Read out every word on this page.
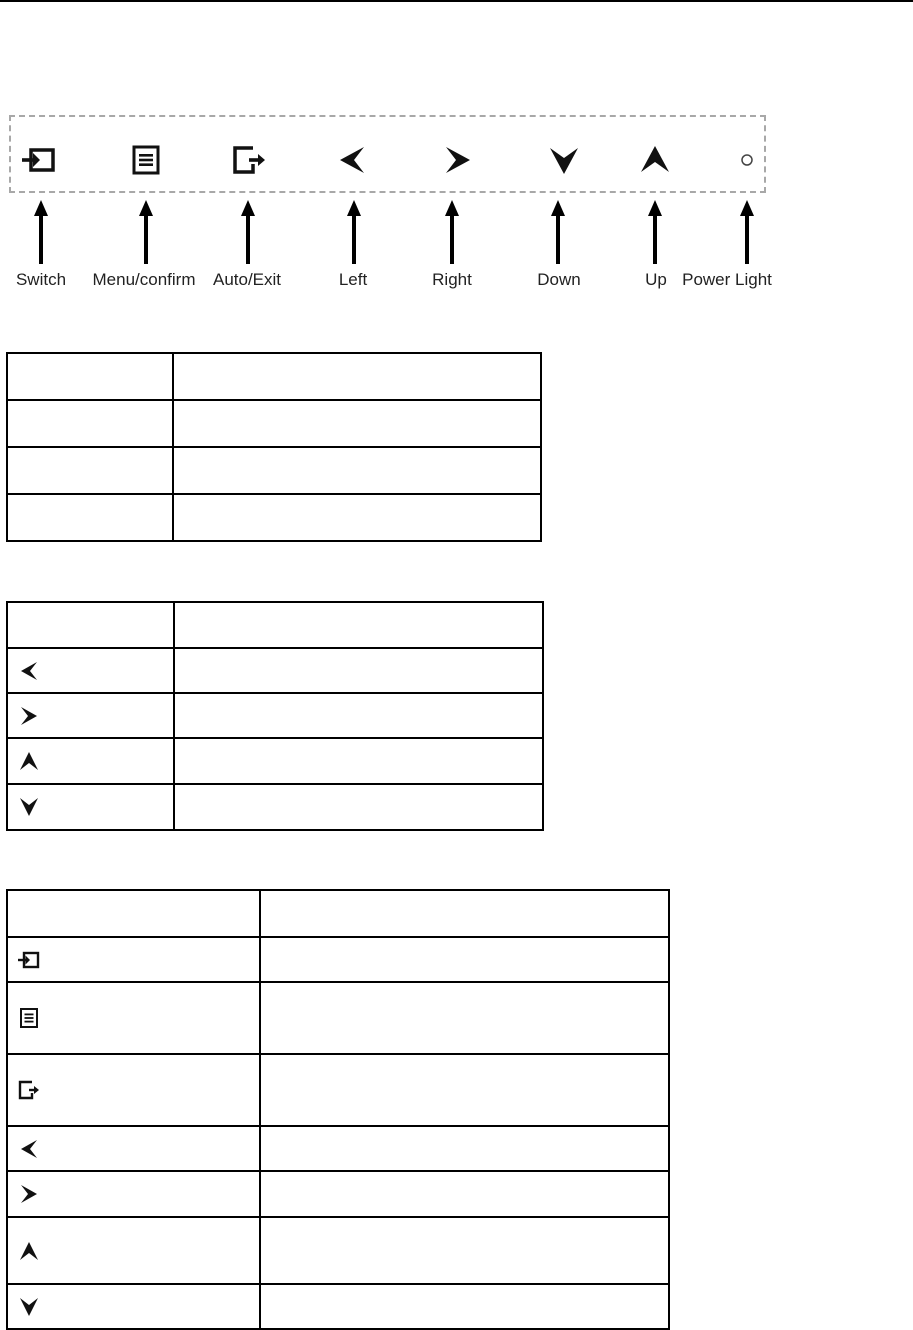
Switch Menu/confirm Auto/Exit	Left	Right	Down	Up Power Light
